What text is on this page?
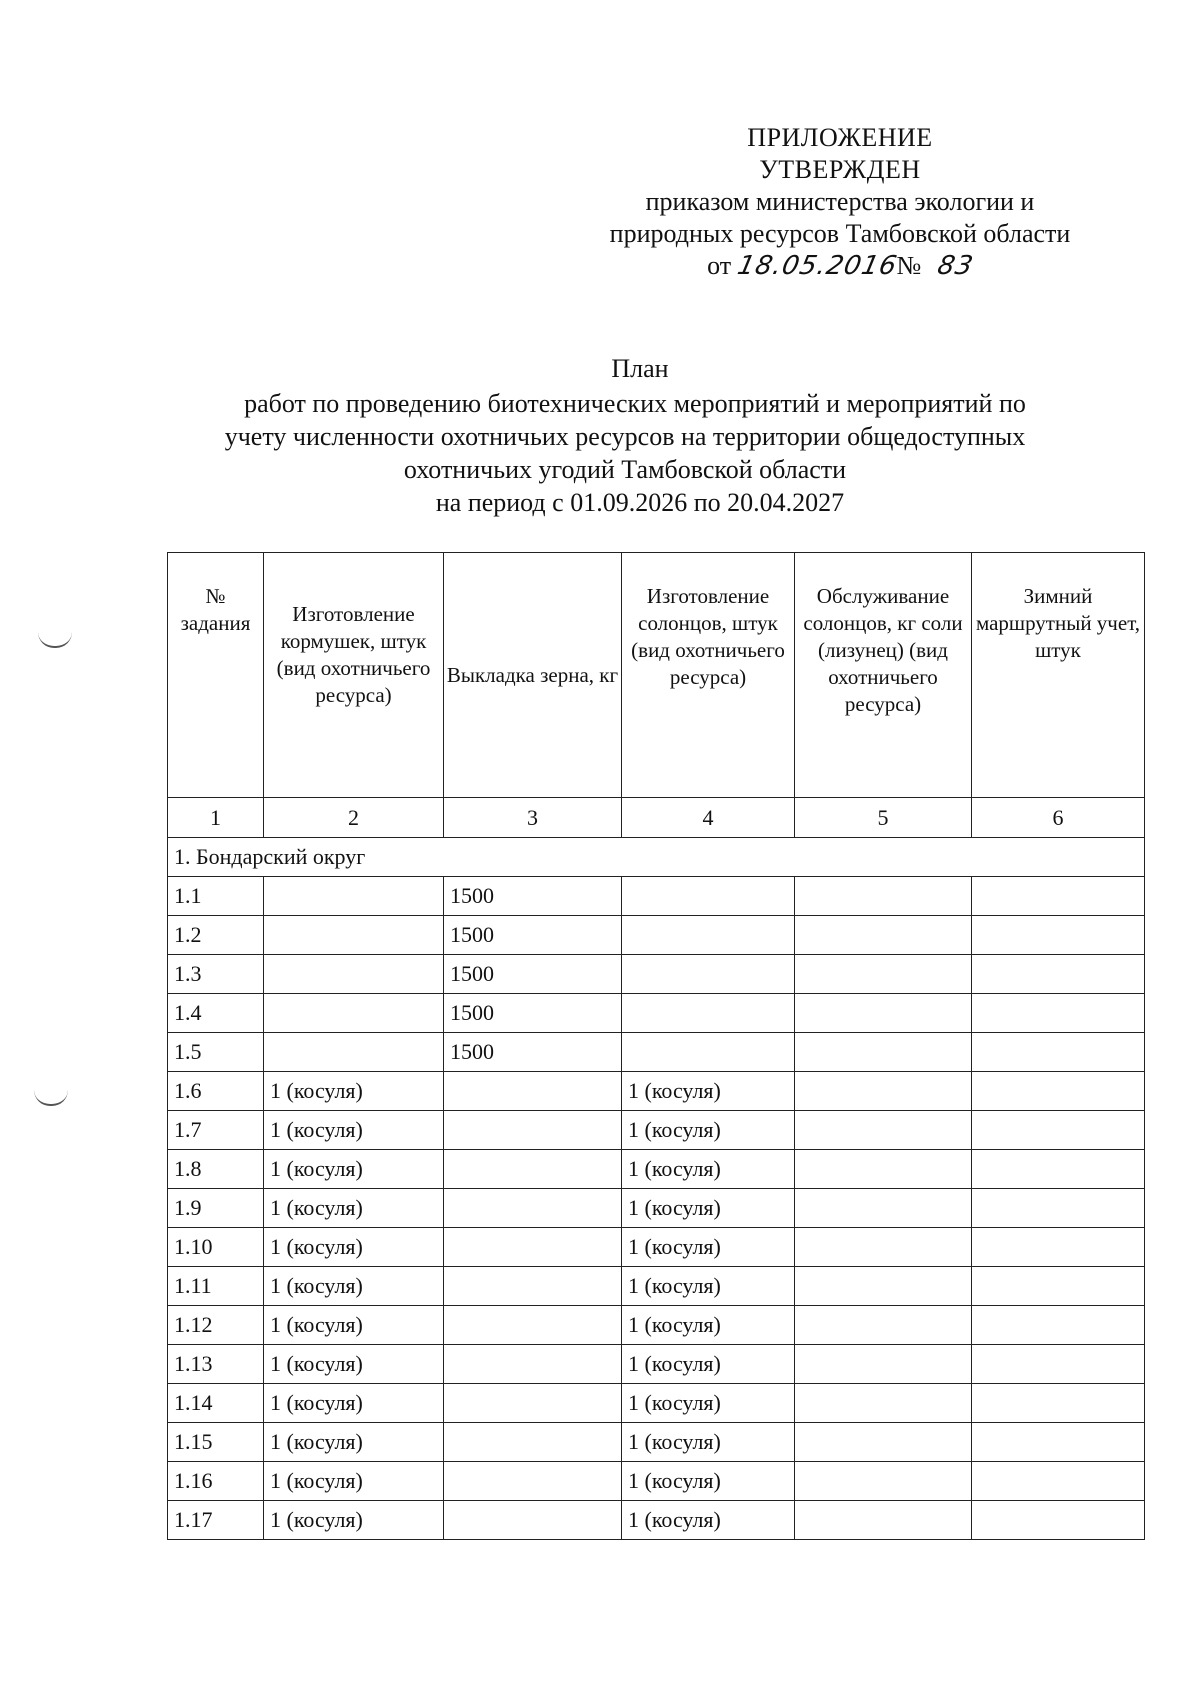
ПРИЛОЖЕНИЕ
УТВЕРЖДЕН
приказом министерства экологии и
природных ресурсов Тамбовской области
от 18.05.2016№ 83
План
работ по проведению биотехнических мероприятий и мероприятий по
учету численности охотничьих ресурсов на территории общедоступных
охотничьих угодий Тамбовской области
на период с 01.09.2026 по 20.04.2027
№ задания	Изготовление кормушек, штук (вид охотничьего ресурса)	Выкладка зерна, кг	Изготовление солонцов, штук (вид охотничьего ресурса)	Обслуживание солонцов, кг соли (лизунец) (вид охотничьего ресурса)	Зимний маршрутный учет, штук
1	2	3	4	5	6
1. Бондарский округ					
1.1		1500			
1.2		1500			
1.3		1500			
1.4		1500			
1.5		1500			
1.6	1 (косуля)		1 (косуля)		
1.7	1 (косуля)		1 (косуля)		
1.8	1 (косуля)		1 (косуля)		
1.9	1 (косуля)		1 (косуля)		
1.10	1 (косуля)		1 (косуля)		
1.11	1 (косуля)		1 (косуля)		
1.12	1 (косуля)		1 (косуля)		
1.13	1 (косуля)		1 (косуля)		
1.14	1 (косуля)		1 (косуля)		
1.15	1 (косуля)		1 (косуля)		
1.16	1 (косуля)		1 (косуля)		
1.17	1 (косуля)		1 (косуля)		
